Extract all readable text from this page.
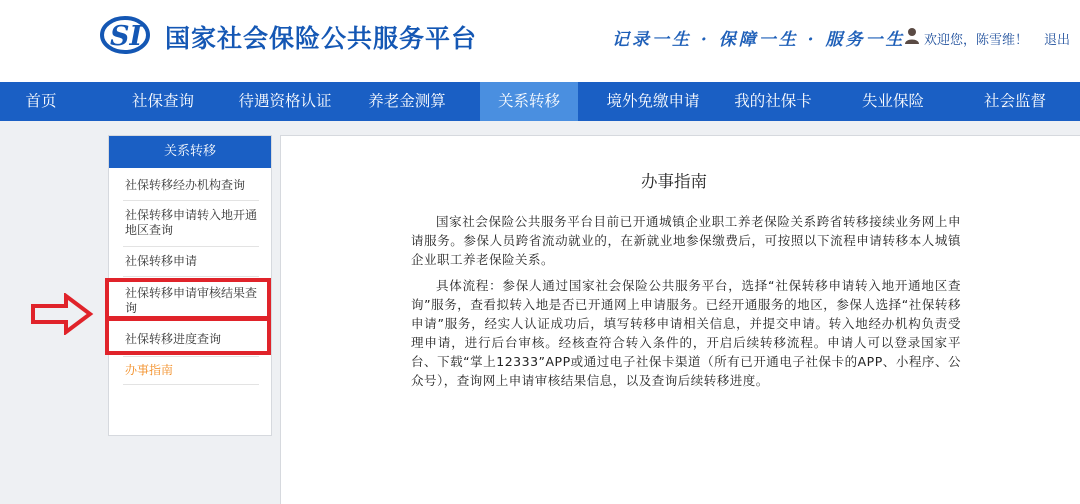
SI 国家社会保险公共服务平台	记录一生 · 保障一生 · 服务一生 欢迎您，陈雪维！ 退出
首页	社保查询	待遇资格认证	养老金测算	关系转移	境外免缴申请	我的社保卡	失业保险	社会监督
关系转移
社保转移经办机构查询
社保转移申请转入地开通地区查询
社保转移申请
社保转移申请审核结果查询
社保转移进度查询
办事指南
办事指南
国家社会保险公共服务平台目前已开通城镇企业职工养老保险关系跨省转移接续业务网上申请服务。参保人员跨省流动就业的，在新就业地参保缴费后，可按照以下流程申请转移本人城镇企业职工养老保险关系。
具体流程：参保人通过国家社会保险公共服务平台，选择“社保转移申请转入地开通地区查询”服务，查看拟转入地是否已开通网上申请服务。已经开通服务的地区，参保人选择“社保转移申请”服务，经实人认证成功后，填写转移申请相关信息，并提交申请。转入地经办机构负责受理申请，进行后台审核。经核查符合转入条件的，开启后续转移流程。申请人可以登录国家平台、下载“掌上12333”APP或通过电子社保卡渠道（所有已开通电子社保卡的APP、小程序、公众号），查询网上申请审核结果信息，以及查询后续转移进度。
